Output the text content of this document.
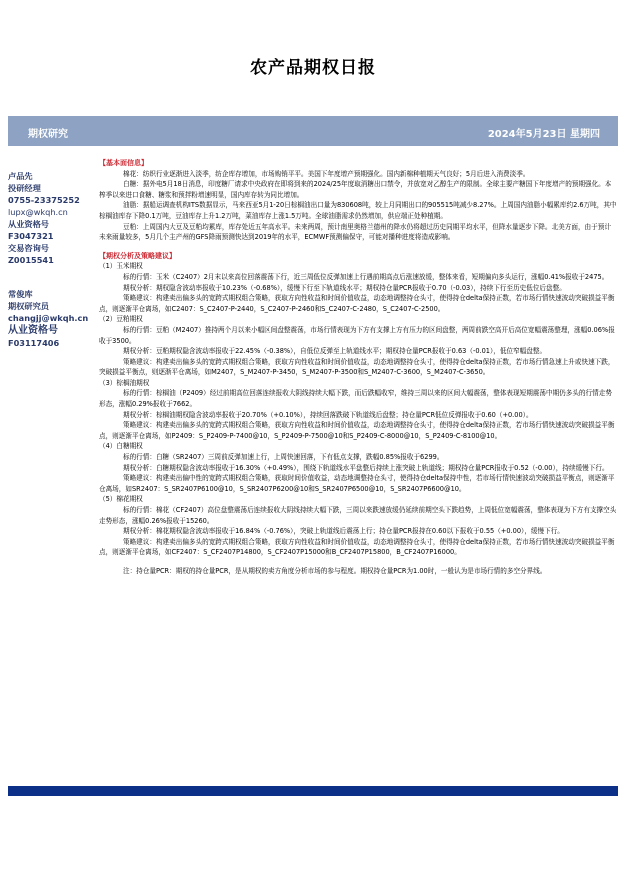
农产品期权日报
期权研究	2024年5月23日 星期四
卢品先
投研经理
0755-23375252
lupx@wkqh.cn
从业资格号
F3047321
交易咨询号
Z0015541
常俊库
期权研究员
changjj@wkqh.cn
从业资格号
F03117406
【基本面信息】

棉花：纺织行业逐渐进入淡季，纺企库存增加，市场购销平平。美国下年度增产预期强化。国内新棉种植期天气良好；5月后进入消费淡季。

白糖：据外电5月18日消息，印度糖厂请求中央政府在即将到来的2024/25年度取消糖出口禁令，并放宽对乙醇生产的限制。全球主要产糖国下年度增产的预期强化。本榨季以来进口食糖、糖浆和预拌粉增速明显，国内库存转为同比增加。

油脂：据船运调查机构ITS数据显示，马来西亚5月1-20日棕榈油出口量为830608吨，较上月同期出口的905515吨减少8.27%。上周国内油脂小幅累库约2.6万吨，其中棕榈油库存下降0.1万吨，豆油库存上升1.2万吨，菜油库存上涨1.5万吨。全球油脂需求仍然增加，供应端正处种植期。

豆粕：上周国内大豆及豆粕均累库，库存处近五年高水平。未来两周，预计南里奥格兰德州的降水仍将超过历史同期平均水平，但降水量逐步下降。北美方面，由于预计未来雨量较多，5月几个主产州的GFS降雨预测快达到2019年的水平，ECMWF预测偏保守，可能对播种进度将造成影响。

【期权分析及策略建议】

（1）玉米期权

标的行情：玉米（C2407）2月末以来高位回落震荡下行，近三周低位反弹加速上行遇前期高点后涨速放缓，整体来看，短期偏向多头运行，涨幅0.41%报收于2475。

期权分析：期权隐含波动率报收于10.23%（-0.68%），缓慢下行至下轨道线水平；期权持仓量PCR报收于0.70（-0.03），持续下行至历史低位后盘整。

策略建议：构建卖出偏多头的宽跨式期权组合策略，获取方向性收益和时间价值收益，动态地调整持仓头寸，使得持仓delta保持正数，若市场行情快速波动突破损益平衡点，则逐渐平仓离场，如C2407：S_C2407-P-2440，S_C2407-P-2460和S_C2407-C-2480，S_C2407-C-2500。

（2）豆粕期权

标的行情：豆粕（M2407）推持两个月以来小幅区间盘整震荡，市场行情表现为下方有支撑上方有压力的区间盘整，两周前跌空高开后高位宽幅震荡整理，涨幅0.06%报收于3500。

期权分析：豆粕期权隐含波动率报收于22.45%（-0.38%），自低位反弹至上轨道线水平；期权持仓量PCR报收于0.63（-0.01），低位窄幅盘整。

策略建议：构建卖出偏多头的宽跨式期权组合策略，获取方向性收益和时间价值收益，动态地调整持仓头寸，使得持仓delta保持正数，若市场行情急速上升或快速下跌，突破损益平衡点，则逐渐平仓离场，如M2407，S_M2407-P-3450，S_M2407-P-3500和S_M2407-C-3600，S_M2407-C-3650。

（3）棕榈油期权

标的行情：棕榈油（P2409）经过前期高位回落连续报收大阴线持续大幅下跌，而后跌幅收窄，维持三周以来的区间大幅震荡，整体表现短期震荡中期仍多头的行情走势形态，涨幅0.29%报收于7662。

期权分析：棕榈油期权隐含波动率报收于20.70%（+0.10%），持续回落跌破下轨道线后盘整；持仓量PCR低位反弹报收于0.60（+0.00）。

策略建议：构建卖出偏多头的宽跨式期权组合策略，获取方向性收益和时间价值收益，动态地调整持仓头寸，使得持仓delta保持正数，若市场行情快速波动突破损益平衡点，则逐渐平仓离场，如P2409：S_P2409-P-7400@10，S_P2409-P-7500@10和S_P2409-C-8000@10，S_P2409-C-8100@10。

（4）白糖期权

标的行情：白糖（SR2407）三周前反弹加速上行，上周快速回落，下有低点支撑，跌幅0.85%报收于6299。

期权分析：白糖期权隐含波动率报收于16.30%（+0.49%），围绕下轨道线水平盘整后持续上涨突破上轨道线；期权持仓量PCR报收于0.52（-0.00），持续缓慢下行。

策略建议：构建卖出偏中性的宽跨式期权组合策略，获取时间价值收益，动态地调整持仓头寸，使得持仓delta保持中性，若市场行情快速波动突破损益平衡点，则逐渐平仓离场，如SR2407：S_SR2407P6100@10，S_SR2407P6200@10和S_SR2407P6500@10，S_SR2407P6600@10。

（5）棉花期权

标的行情：棉花（CF2407）高位盘整震荡后连续报收大阴线持续大幅下跌，三周以来跌速放缓仍延续前期空头下跌趋势，上周低位宽幅震荡，整体表现为下方有支撑空头走势形态，涨幅0.26%报收于15260。

期权分析：棉花期权隐含波动率报收于16.84%（-0.76%），突破上轨道线后震荡上行；持仓量PCR报持在0.60以下报收于0.55（+0.00），缓慢下行。

策略建议：构建卖出偏多头的宽跨式期权组合策略，获取方向性收益和时间价值收益，动态地调整持仓头寸，使得持仓delta保持正数，若市场行情快速波动突破损益平衡点，则逐渐平仓离场，如CF2407：S_CF2407P14800，S_CF2407P15000和B_CF2407P15800，B_CF2407P16000。

注：持仓量PCR：期权的持仓量PCR，是从期权的卖方角度分析市场的参与程度。期权持仓量PCR为1.00时，一般认为是市场行情的多空分界线。
